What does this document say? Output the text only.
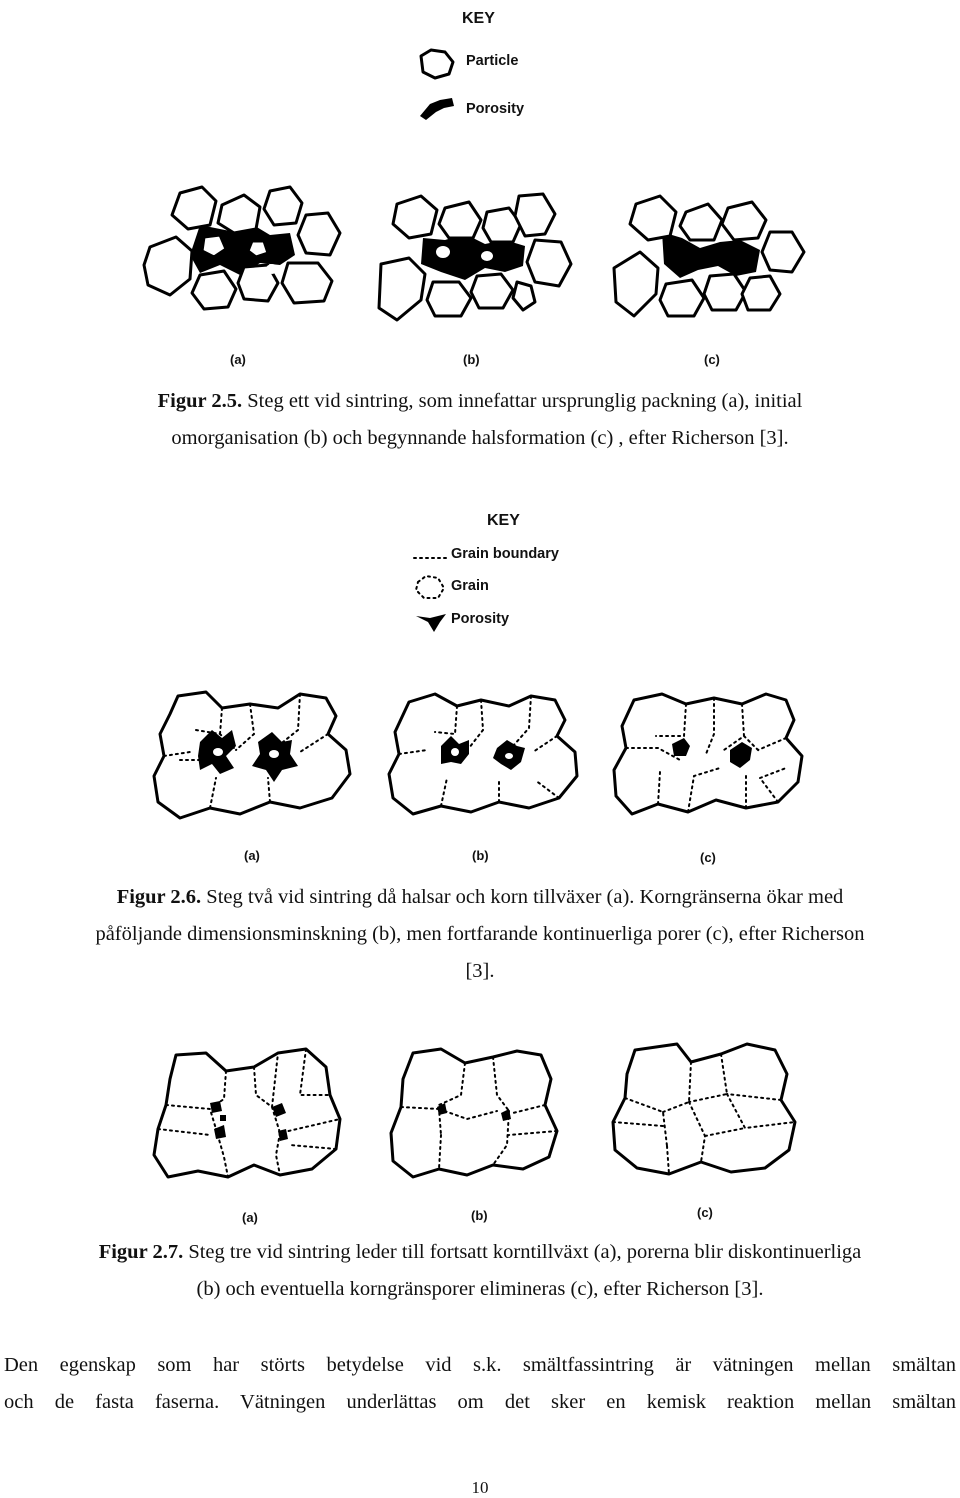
KEY
Particle
Porosity
(a)	(b)	(c)
Figur 2.5. Steg ett vid sintring, som innefattar ursprunglig packning (a), initial
omorganisation (b) och begynnande halsformation (c) , efter Richerson [3].
KEY
Grain boundary
Grain
Porosity
(a)	(b)	(c)
Figur 2.6. Steg två vid sintring då halsar och korn tillväxer (a). Korngränserna ökar med
påföljande dimensionsminskning (b), men fortfarande kontinuerliga porer (c), efter Richerson
[3].
(a)	(b)	(c)
Figur 2.7. Steg tre vid sintring leder till fortsatt korntillväxt (a), porerna blir diskontinuerliga
(b) och eventuella korngränsporer elimineras (c), efter Richerson [3].
Den egenskap som har störts betydelse vid s.k. smältfassintring är vätningen mellan smältan
och de fasta faserna. Vätningen underlättas om det sker en kemisk reaktion mellan smältan
10
